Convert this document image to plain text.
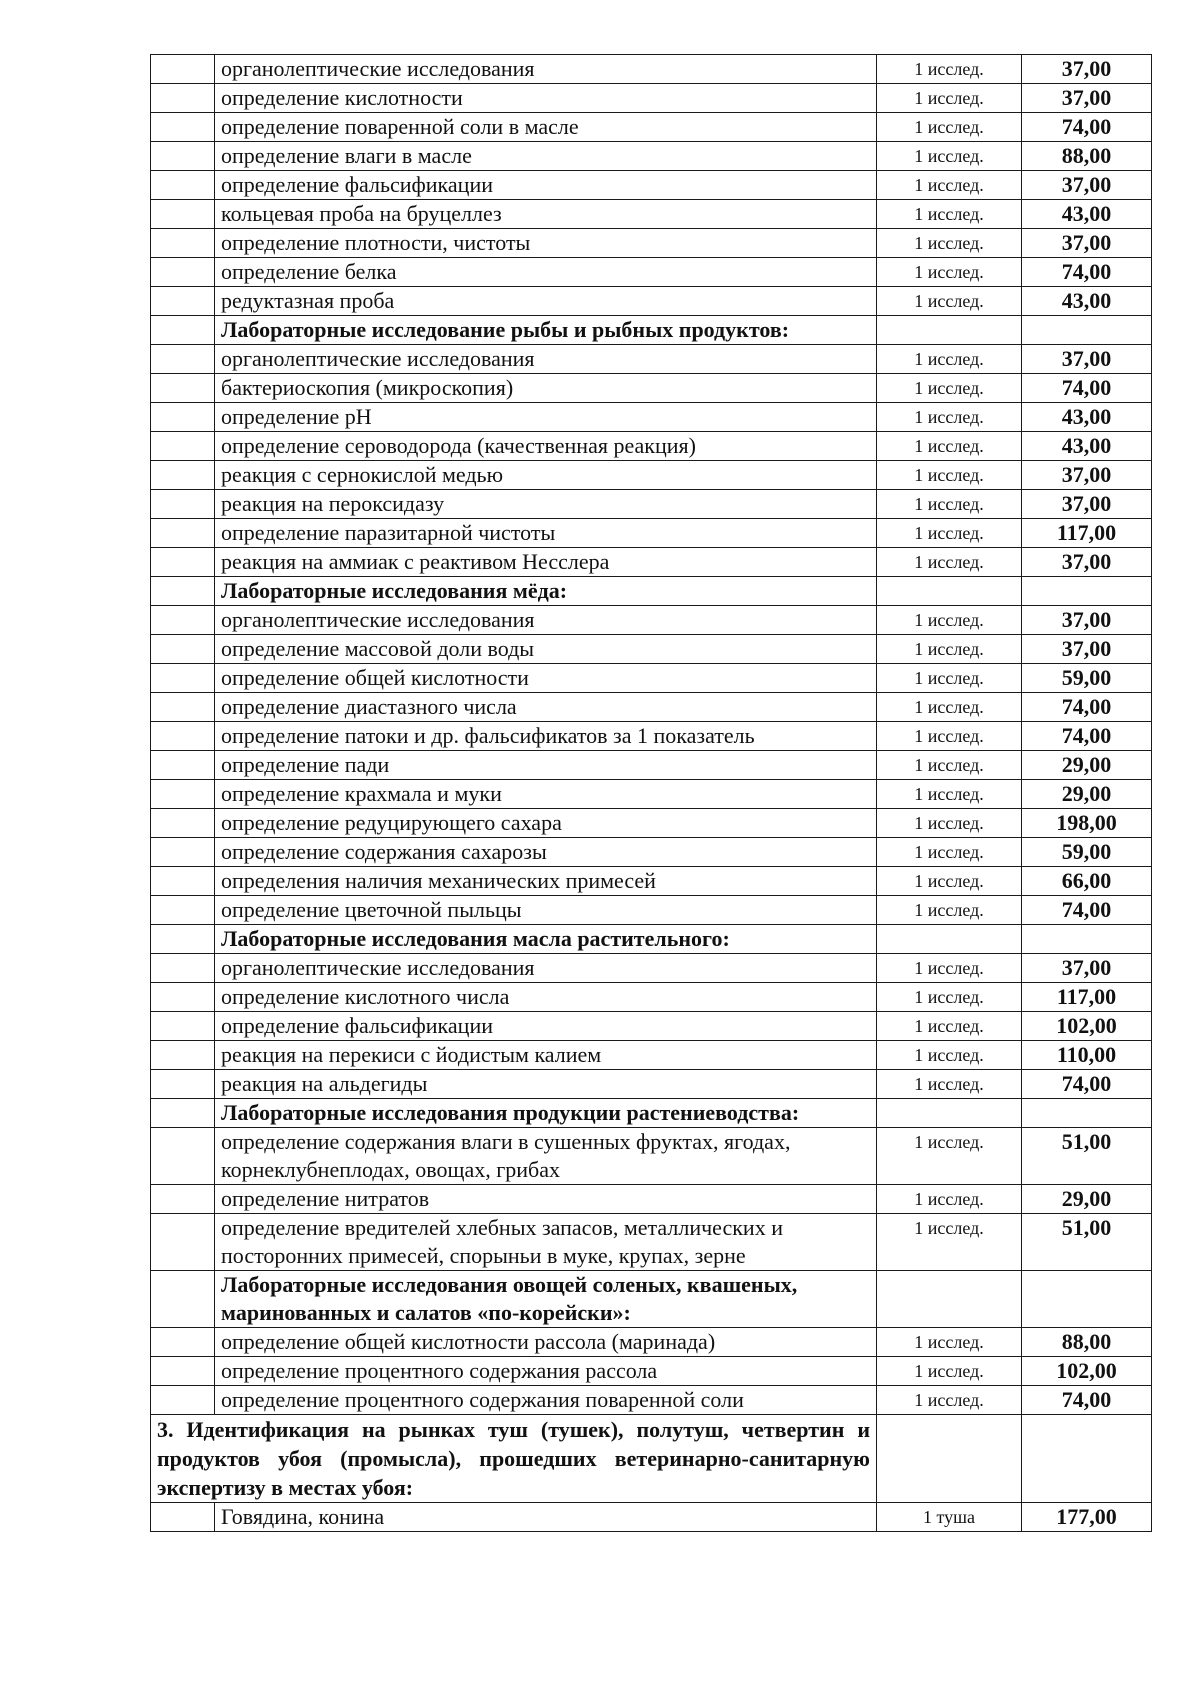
	органолептические исследования	1 исслед.	37,00
	определение кислотности	1 исслед.	37,00
	определение поваренной соли в масле	1 исслед.	74,00
	определение влаги в масле	1 исслед.	88,00
	определение фальсификации	1 исслед.	37,00
	кольцевая проба на бруцеллез	1 исслед.	43,00
	определение плотности, чистоты	1 исслед.	37,00
	определение белка	1 исслед.	74,00
	редуктазная проба	1 исслед.	43,00
	Лабораторные исследование рыбы и рыбных продуктов:		
	органолептические исследования	1 исслед.	37,00
	бактериоскопия (микроскопия)	1 исслед.	74,00
	определение pH	1 исслед.	43,00
	определение сероводорода (качественная реакция)	1 исслед.	43,00
	реакция с сернокислой медью	1 исслед.	37,00
	реакция на пероксидазу	1 исслед.	37,00
	определение паразитарной чистоты	1 исслед.	117,00
	реакция на аммиак с реактивом Несслера	1 исслед.	37,00
	Лабораторные исследования мёда:		
	органолептические исследования	1 исслед.	37,00
	определение массовой доли воды	1 исслед.	37,00
	определение общей кислотности	1 исслед.	59,00
	определение диастазного числа	1 исслед.	74,00
	определение патоки и др. фальсификатов за 1 показатель	1 исслед.	74,00
	определение пади	1 исслед.	29,00
	определение крахмала и муки	1 исслед.	29,00
	определение редуцирующего сахара	1 исслед.	198,00
	определение содержания сахарозы	1 исслед.	59,00
	определения наличия механических примесей	1 исслед.	66,00
	определение цветочной пыльцы	1 исслед.	74,00
	Лабораторные исследования масла растительного:		
	органолептические исследования	1 исслед.	37,00
	определение кислотного числа	1 исслед.	117,00
	определение фальсификации	1 исслед.	102,00
	реакция на перекиси с йодистым калием	1 исслед.	110,00
	реакция на альдегиды	1 исслед.	74,00
	Лабораторные исследования продукции растениеводства:		
	определение содержания влаги в сушенных фруктах, ягодах, корнеклубнеплодах, овощах, грибах	1 исслед.	51,00
	определение нитратов	1 исслед.	29,00
	определение вредителей хлебных запасов, металлических и посторонних примесей, спорыньи в муке, крупах, зерне	1 исслед.	51,00
	Лабораторные исследования овощей соленых, квашеных, маринованных и салатов «по-корейски»:		
	определение общей кислотности рассола (маринада)	1 исслед.	88,00
	определение процентного содержания рассола	1 исслед.	102,00
	определение процентного содержания поваренной соли	1 исслед.	74,00
3. Идентификация на рынках туш (тушек), полутуш, четвертин и продуктов убоя (промысла), прошедших ветеринарно-санитарную экспертизу в местах убоя:			
	Говядина, конина	1 туша	177,00
